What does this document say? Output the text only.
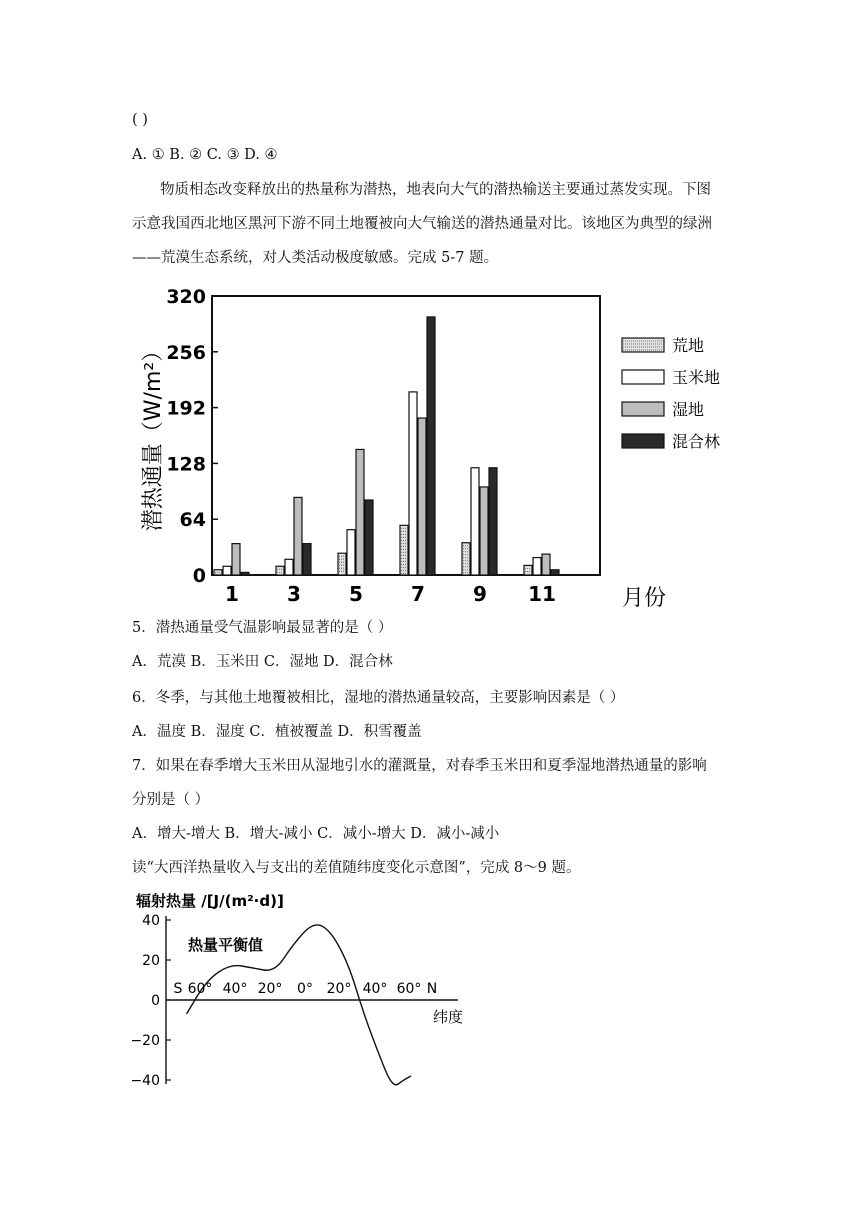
( )
A. ① B. ② C. ③ D. ④
物质相态改变释放出的热量称为潜热，地表向大气的潜热输送主要通过蒸发实现。下图
示意我国西北地区黑河下游不同土地覆被向大气输送的潜热通量对比。该地区为典型的绿洲
——荒漠生态系统，对人类活动极度敏感。完成 5-7 题。
320
256
192
128
64
0
潜热通量（W/m²）
1 3 5 7 9 11	月份
荒地
玉米地
湿地
混合林
5．潜热通量受气温影响最显著的是（ ）
A．荒漠 B．玉米田 C．湿地 D．混合林
6．冬季，与其他土地覆被相比，湿地的潜热通量较高，主要影响因素是（ ）
A．温度 B．湿度 C．植被覆盖 D．积雪覆盖
7．如果在春季增大玉米田从湿地引水的灌溉量，对春季玉米田和夏季湿地潜热通量的影响
分别是（ ）
A．增大-增大 B．增大-减小 C．减小-增大 D．减小-减小
读“大西洋热量收入与支出的差值随纬度变化示意图”，完成 8～9 题。
辐射热量 /[J/(m²·d)]
40
20
0
−20
−40
S 60° 40° 20° 0° 20° 40° 60° N
纬度
热量平衡值
